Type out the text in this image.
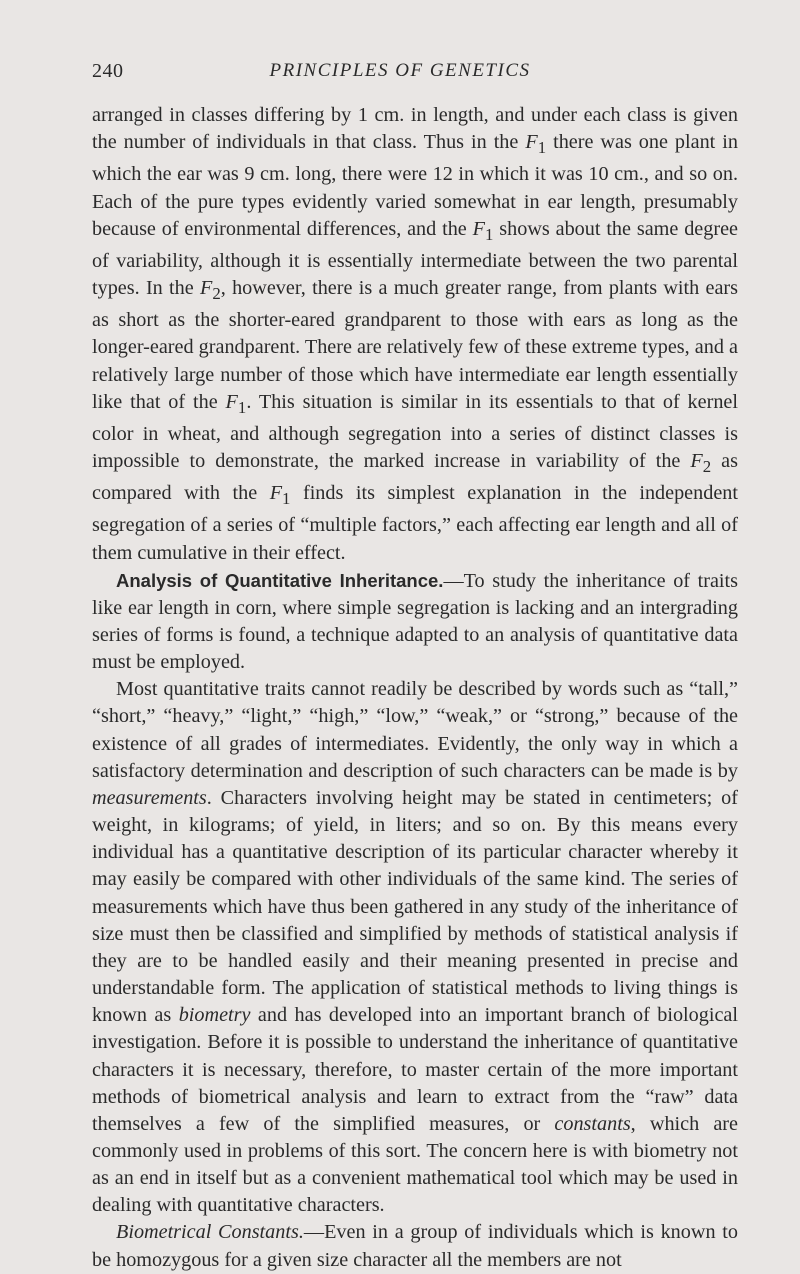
240	PRINCIPLES OF GENETICS

arranged in classes differing by 1 cm. in length, and under each class is given the number of individuals in that class. Thus in the $F_1$ there was one plant in which the ear was 9 cm. long, there were 12 in which it was 10 cm., and so on. Each of the pure types evidently varied somewhat in ear length, presumably because of environmental differences, and the $F_1$ shows about the same degree of variability, although it is essentially intermediate between the two parental types. In the $F_2$, however, there is a much greater range, from plants with ears as short as the shorter-eared grandparent to those with ears as long as the longer-eared grandparent. There are relatively few of these extreme types, and a relatively large number of those which have intermediate ear length essentially like that of the $F_1$. This situation is similar in its essentials to that of kernel color in wheat, and although segregation into a series of distinct classes is impossible to demonstrate, the marked increase in variability of the $F_2$ as compared with the $F_1$ finds its simplest explanation in the independent segregation of a series of “multiple factors,” each affecting ear length and all of them cumulative in their effect.

Analysis of Quantitative Inheritance.—To study the inheritance of traits like ear length in corn, where simple segregation is lacking and an intergrading series of forms is found, a technique adapted to an analysis of quantitative data must be employed.

Most quantitative traits cannot readily be described by words such as “tall,” “short,” “heavy,” “light,” “high,” “low,” “weak,” or “strong,” because of the existence of all grades of intermediates. Evidently, the only way in which a satisfactory determination and description of such characters can be made is by measurements. Characters involving height may be stated in centimeters; of weight, in kilograms; of yield, in liters; and so on. By this means every individual has a quantitative description of its particular character whereby it may easily be compared with other individuals of the same kind. The series of measurements which have thus been gathered in any study of the inheritance of size must then be classified and simplified by methods of statistical analysis if they are to be handled easily and their meaning presented in precise and understandable form. The application of statistical methods to living things is known as biometry and has developed into an important branch of biological investigation. Before it is possible to understand the inheritance of quantitative characters it is necessary, therefore, to master certain of the more important methods of biometrical analysis and learn to extract from the “raw” data themselves a few of the simplified measures, or constants, which are commonly used in problems of this sort. The concern here is with biometry not as an end in itself but as a convenient mathematical tool which may be used in dealing with quantitative characters.

Biometrical Constants.—Even in a group of individuals which is known to be homozygous for a given size character all the members are not
